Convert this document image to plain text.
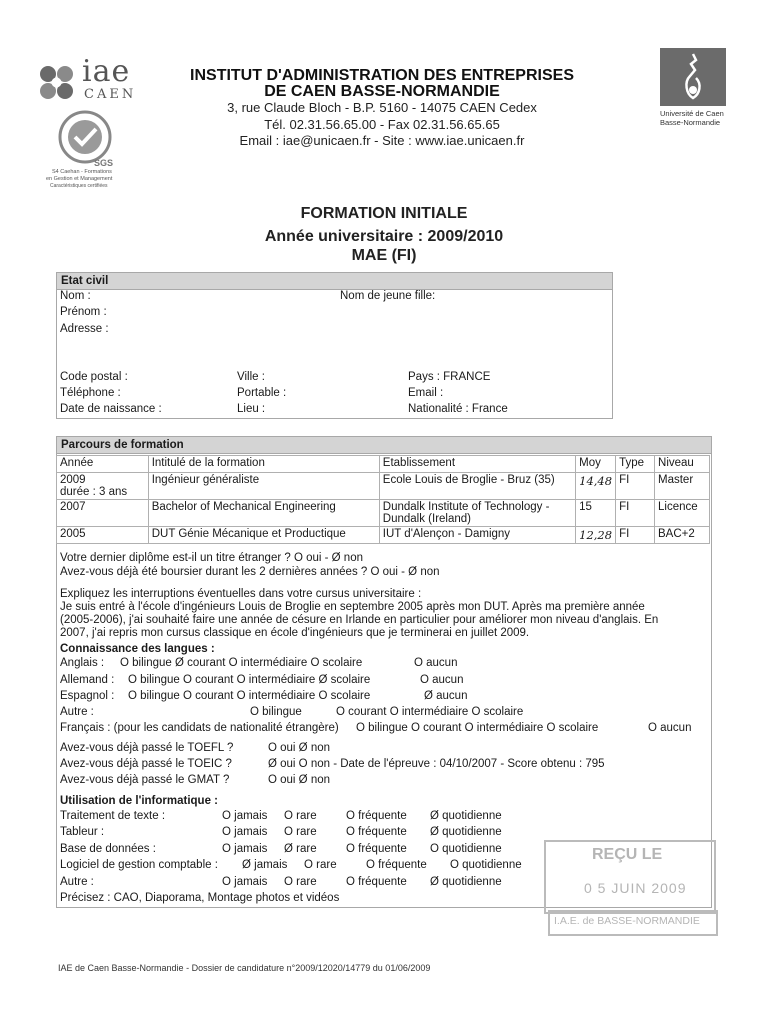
iae
CAEN
SGS
S4 Caehan - Formations
en Gestion et Management
Caractéristiques certifiées
INSTITUT D'ADMINISTRATION DES ENTREPRISES
DE CAEN BASSE-NORMANDIE
3, rue Claude Bloch - B.P. 5160 - 14075 CAEN Cedex
Tél. 02.31.56.65.00 - Fax 02.31.56.65.65
Email : iae@unicaen.fr - Site : www.iae.unicaen.fr
Université de Caen
Basse-Normandie
FORMATION INITIALE
Année universitaire : 2009/2010
MAE (FI)
Etat civil
Nom :	Nom de jeune fille:
Prénom :
Adresse :
Code postal :	Ville :	Pays : FRANCE
Téléphone :	Portable :	Email :
Date de naissance :	Lieu :	Nationalité : France
Parcours de formation
Année	Intitulé de la formation	Etablissement	Moy	Type	Niveau

2009
durée : 3 ans	Ingénieur généraliste	Ecole Louis de Broglie - Bruz (35)	14,48	FI	Master
2007	Bachelor of Mechanical Engineering	Dundalk Institute of Technology -
Dundalk (Ireland)	15	FI	Licence
2005	DUT Génie Mécanique et Productique	IUT d'Alençon - Damigny	12,28	FI	BAC+2
Votre dernier diplôme est-il un titre étranger ? O oui - Ø non
Avez-vous déjà été boursier durant les 2 dernières années ? O oui - Ø non
Expliquez les interruptions éventuelles dans votre cursus universitaire :
Je suis entré à l'école d'ingénieurs Louis de Broglie en septembre 2005 après mon DUT. Après ma première année
(2005-2006), j'ai souhaité faire une année de césure en Irlande en particulier pour améliorer mon niveau d'anglais. En
2007, j'ai repris mon cursus classique en école d'ingénieurs que je terminerai en juillet 2009.
Connaissance des langues :
Anglais : O bilingue Ø courant O intermédiaire O scolaire	O aucun
Allemand : O bilingue O courant O intermédiaire Ø scolaire	O aucun
Espagnol : O bilingue O courant O intermédiaire O scolaire	Ø aucun
Autre :	O bilingue	O courant O intermédiaire O scolaire
Français : (pour les candidats de nationalité étrangère) O bilingue O courant O intermédiaire O scolaire	O aucun
Avez-vous déjà passé le TOEFL ?	O oui Ø non
Avez-vous déjà passé le TOEIC ?	Ø oui O non - Date de l'épreuve : 04/10/2007 - Score obtenu : 795
Avez-vous déjà passé le GMAT ?	O oui Ø non
Utilisation de l'informatique :
Traitement de texte :	O jamais O rare	O fréquente Ø quotidienne
Tableur :	O jamais O rare	O fréquente Ø quotidienne
Base de données :	O jamais Ø rare	O fréquente O quotidienne
Logiciel de gestion comptable : Ø jamais O rare	O fréquente O quotidienne
Autre :	O jamais O rare	O fréquente Ø quotidienne
Précisez : CAO, Diaporama, Montage photos et vidéos
REÇU LE
0 5 JUIN 2009
I.A.E. de BASSE-NORMANDIE
IAE de Caen Basse-Normandie - Dossier de candidature n°2009/12020/14779 du 01/06/2009
